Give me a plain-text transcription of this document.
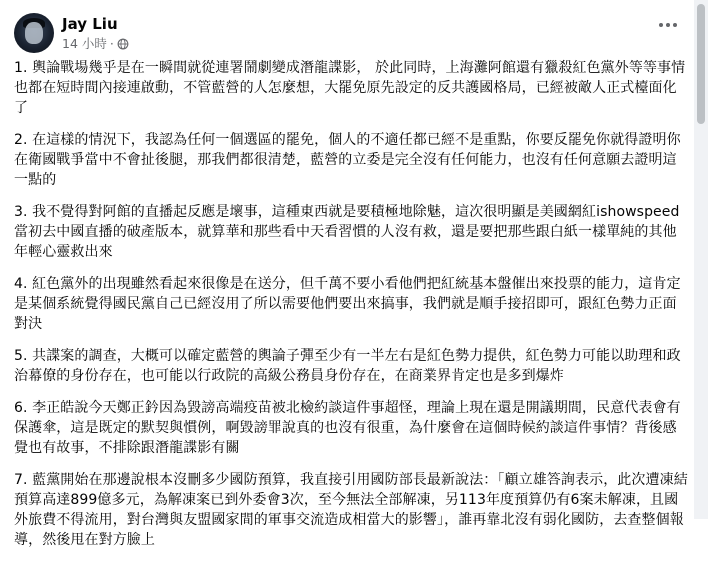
Jay Liu
14 小時 ·

1. 輿論戰場幾乎是在一瞬間就從連署鬧劇變成潛龍諜影， 於此同時，上海灘阿館還有獵殺紅色黨外等等事情也都在短時間內接連啟動，不管藍營的人怎麼想，大罷免原先設定的反共護國格局，已經被敵人正式檯面化了

2. 在這樣的情況下，我認為任何一個選區的罷免，個人的不適任都已經不是重點，你要反罷免你就得證明你在衛國戰爭當中不會扯後腿，那我們都很清楚，藍營的立委是完全沒有任何能力，也沒有任何意願去證明這一點的

3. 我不覺得對阿館的直播起反應是壞事，這種東西就是要積極地除魅，這次很明顯是美國網紅ishowspeed當初去中國直播的破產版本，就算華和那些看中天看習慣的人沒有救，還是要把那些跟白紙一樣單純的其他年輕心靈救出來

4. 紅色黨外的出現雖然看起來很像是在送分，但千萬不要小看他們把紅統基本盤催出來投票的能力，這肯定是某個系統覺得國民黨自己已經沒用了所以需要他們要出來搞事，我們就是順手接招即可，跟紅色勢力正面對決

5. 共諜案的調查，大概可以確定藍營的輿論子彈至少有一半左右是紅色勢力提供，紅色勢力可能以助理和政治幕僚的身份存在，也可能以行政院的高級公務員身份存在，在商業界肯定也是多到爆炸

6. 李正皓說今天鄭正鈐因為毀謗高端疫苗被北檢約談這件事超怪，理論上現在還是開議期間，民意代表會有保護傘，這是既定的默契與慣例，啊毀謗罪說真的也沒有很重，為什麼會在這個時候約談這件事情？背後感覺也有故事，不排除跟潛龍諜影有關

7. 藍黨開始在那邊說根本沒刪多少國防預算，我直接引用國防部長最新說法：「顧立雄答詢表示，此次遭凍結預算高達899億多元，為解凍案已到外委會3次，至今無法全部解凍，另113年度預算仍有6案未解凍，且國外旅費不得流用，對台灣與友盟國家間的軍事交流造成相當大的影響」，誰再靠北沒有弱化國防，去查整個報導，然後甩在對方臉上
